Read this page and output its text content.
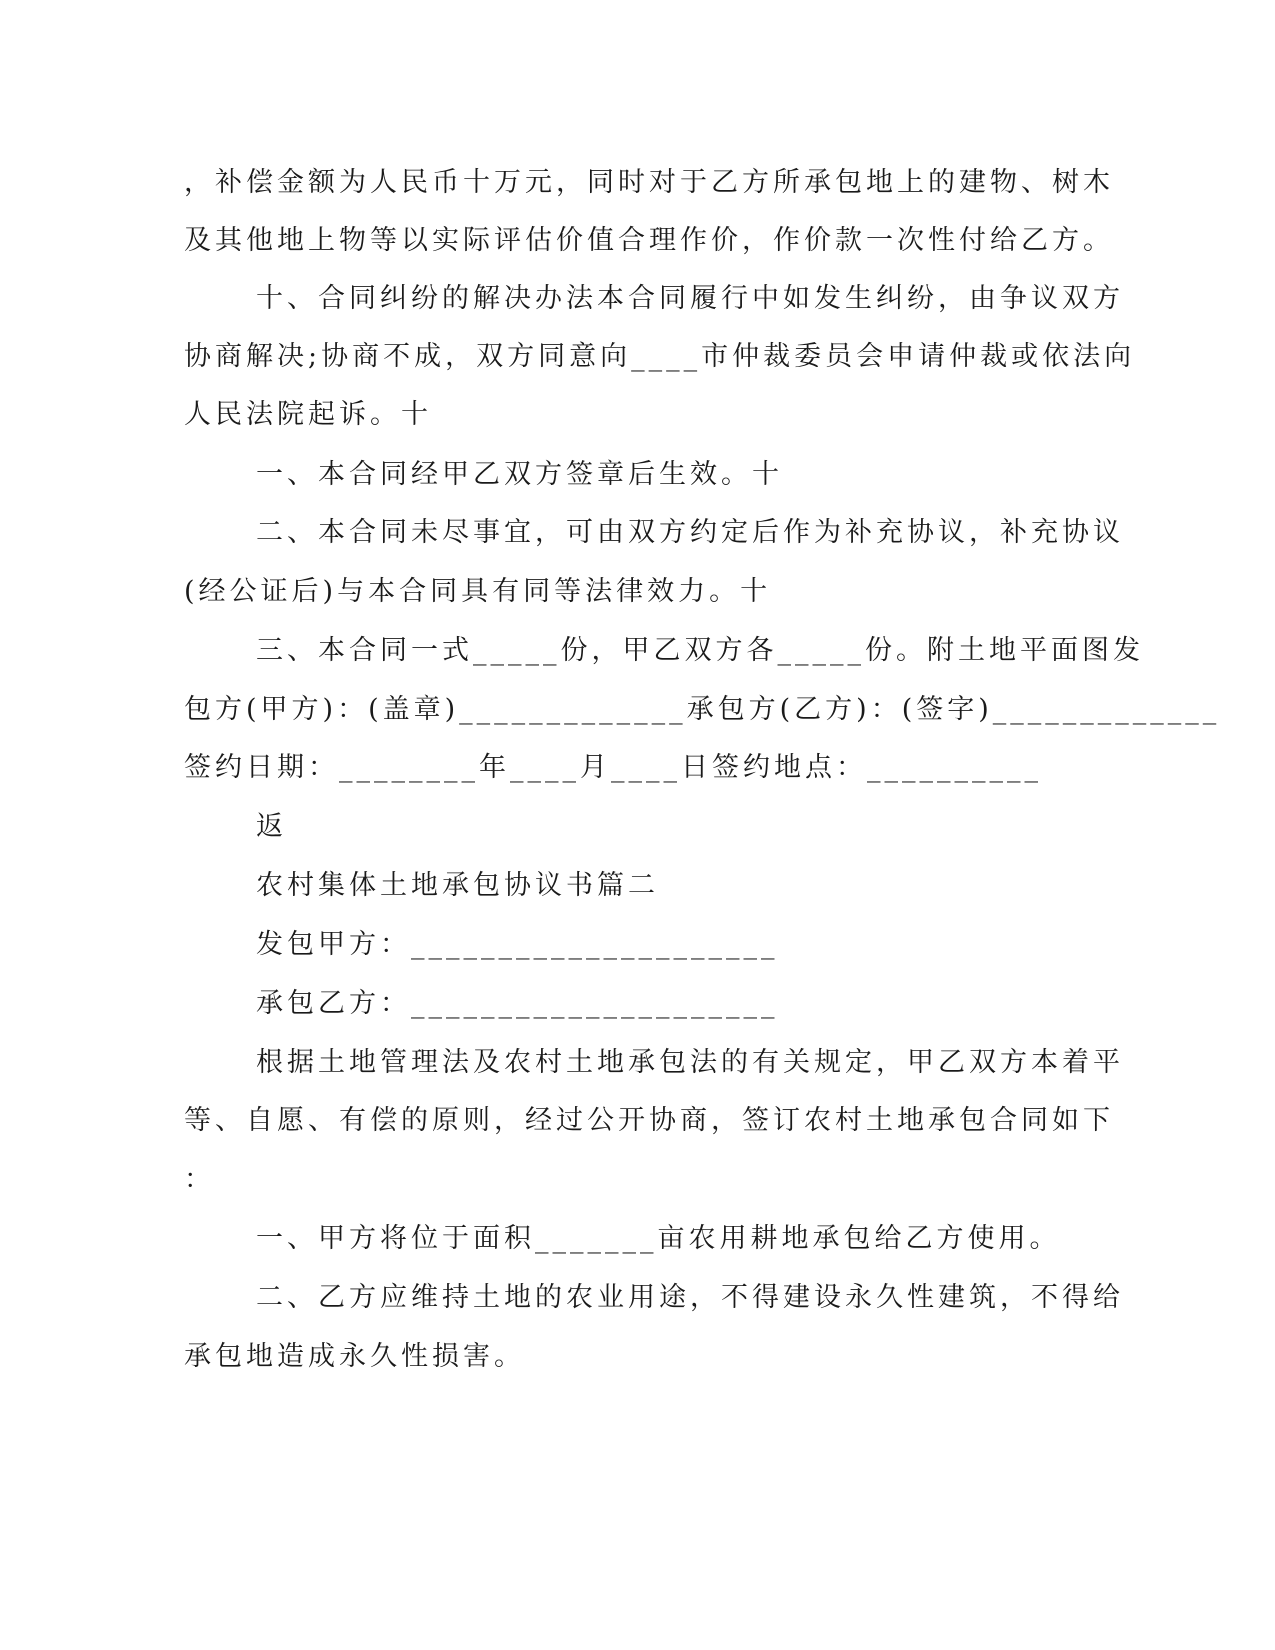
，补偿金额为人民币十万元，同时对于乙方所承包地上的建物、树木
及其他地上物等以实际评估价值合理作价，作价款一次性付给乙方。
十、合同纠纷的解决办法本合同履行中如发生纠纷，由争议双方
协商解决;协商不成，双方同意向____市仲裁委员会申请仲裁或依法向
人民法院起诉。十
一、本合同经甲乙双方签章后生效。十
二、本合同未尽事宜，可由双方约定后作为补充协议，补充协议
(经公证后)与本合同具有同等法律效力。十
三、本合同一式_____份，甲乙双方各_____份。附土地平面图发
包方(甲方)：(盖章)_____________承包方(乙方)：(签字)_____________
签约日期：________年____月____日签约地点：__________
返
农村集体土地承包协议书篇二
发包甲方：_____________________
承包乙方：_____________________
根据土地管理法及农村土地承包法的有关规定，甲乙双方本着平
等、自愿、有偿的原则，经过公开协商，签订农村土地承包合同如下
：
一、甲方将位于面积_______亩农用耕地承包给乙方使用。
二、乙方应维持土地的农业用途，不得建设永久性建筑，不得给
承包地造成永久性损害。
